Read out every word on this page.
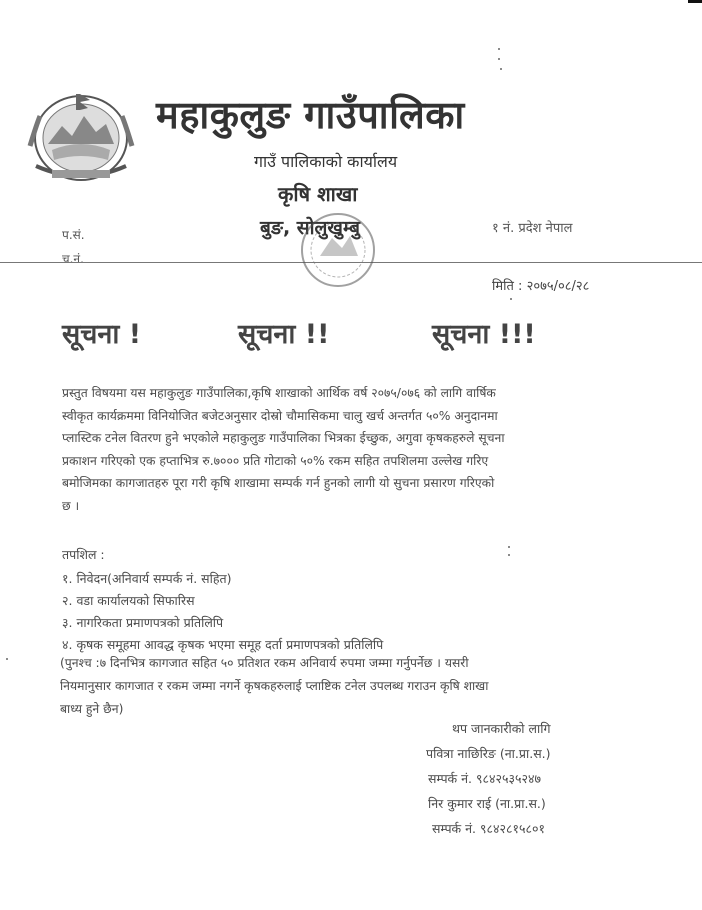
महाकुलुङ गाउँपालिका
गाउँ पालिकाको कार्यालय
कृषि शाखा
बुङ, सोलुखुम्बु	१ नं. प्रदेश नेपाल
प.सं.
च.नं.
मिति : २०७५/०८/२८
सूचना !	सूचना !!	सूचना !!!
प्रस्तुत विषयमा यस महाकुलुङ गाउँपालिका,कृषि शाखाको आर्थिक वर्ष २०७५/०७६ को लागि वार्षिक
स्वीकृत कार्यक्रममा विनियोजित बजेटअनुसार दोस्रो चौमासिकमा चालु खर्च अन्तर्गत ५०% अनुदानमा
प्लास्टिक टनेल वितरण हुने भएकोले महाकुलुङ गाउँपालिका भित्रका ईच्छुक, अगुवा कृषकहरुले सूचना
प्रकाशन गरिएको एक हप्ताभित्र रु.७००० प्रति गोटाको ५०% रकम सहित तपशिलमा उल्लेख गरिए
बमोजिमका कागजातहरु पूरा गरी कृषि शाखामा सम्पर्क गर्न हुनको लागी यो सुचना प्रसारण गरिएको
छ ।
तपशिल :
१. निवेदन(अनिवार्य सम्पर्क नं. सहित)
२. वडा कार्यालयको सिफारिस
३. नागरिकता प्रमाणपत्रको प्रतिलिपि
४. कृषक समूहमा आवद्ध कृषक भएमा समूह दर्ता प्रमाणपत्रको प्रतिलिपि
(पुनश्च :७ दिनभित्र कागजात सहित ५० प्रतिशत रकम अनिवार्य रुपमा जम्मा गर्नुपर्नेछ । यसरी
नियमानुसार कागजात र रकम जम्मा नगर्ने कृषकहरुलाई प्लाष्टिक टनेल उपलब्ध गराउन कृषि शाखा
बाध्य हुने छैन)
थप जानकारीको लागि
पवित्रा नाछिरिङ (ना.प्रा.स.)
सम्पर्क नं. ९८४२५३५२४७
निर कुमार राई (ना.प्रा.स.)
सम्पर्क नं. ९८४२८१५८०१
